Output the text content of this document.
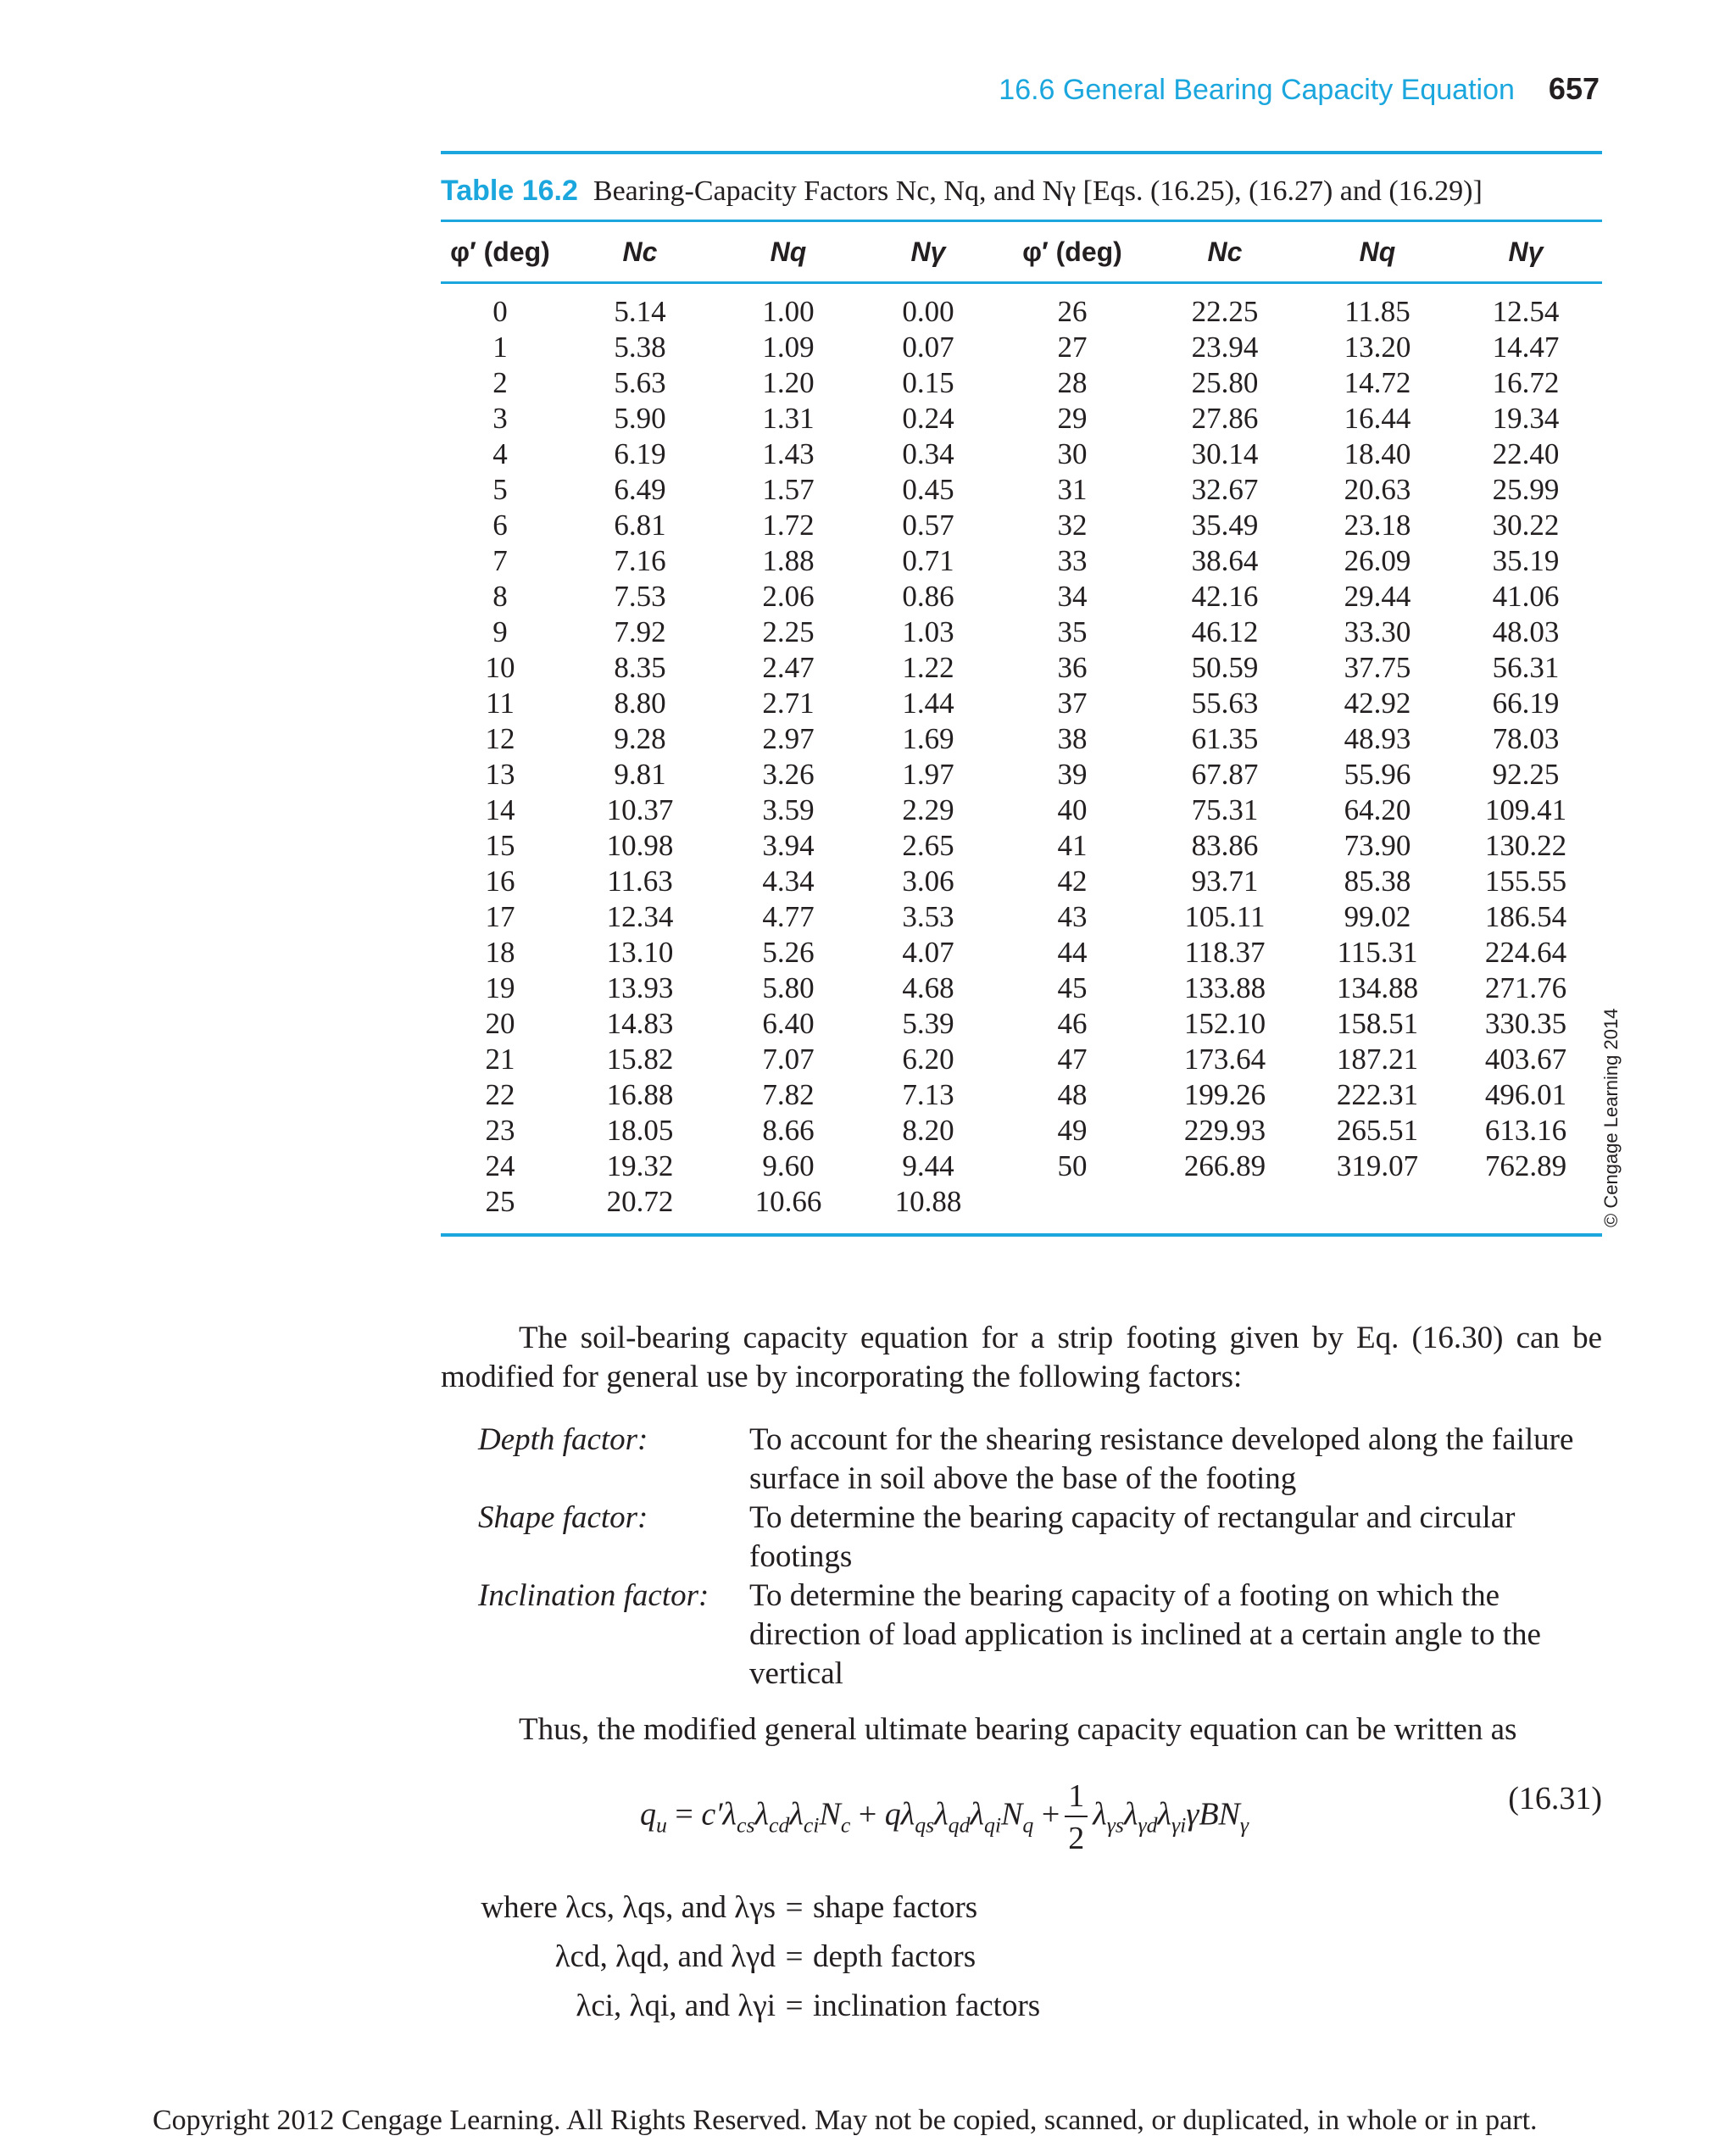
16.6 General Bearing Capacity Equation 657
Table 16.2 Bearing-Capacity Factors Nc, Nq, and Nγ [Eqs. (16.25), (16.27) and (16.29)]
φ′ (deg)	Nc	Nq	Nγ	φ′ (deg)	Nc	Nq	Nγ
0	5.14	1.00	0.00	26	22.25	11.85	12.54
1	5.38	1.09	0.07	27	23.94	13.20	14.47
2	5.63	1.20	0.15	28	25.80	14.72	16.72
3	5.90	1.31	0.24	29	27.86	16.44	19.34
4	6.19	1.43	0.34	30	30.14	18.40	22.40
5	6.49	1.57	0.45	31	32.67	20.63	25.99
6	6.81	1.72	0.57	32	35.49	23.18	30.22
7	7.16	1.88	0.71	33	38.64	26.09	35.19
8	7.53	2.06	0.86	34	42.16	29.44	41.06
9	7.92	2.25	1.03	35	46.12	33.30	48.03
10	8.35	2.47	1.22	36	50.59	37.75	56.31
11	8.80	2.71	1.44	37	55.63	42.92	66.19
12	9.28	2.97	1.69	38	61.35	48.93	78.03
13	9.81	3.26	1.97	39	67.87	55.96	92.25
14	10.37	3.59	2.29	40	75.31	64.20	109.41
15	10.98	3.94	2.65	41	83.86	73.90	130.22
16	11.63	4.34	3.06	42	93.71	85.38	155.55
17	12.34	4.77	3.53	43	105.11	99.02	186.54
18	13.10	5.26	4.07	44	118.37	115.31	224.64
19	13.93	5.80	4.68	45	133.88	134.88	271.76
20	14.83	6.40	5.39	46	152.10	158.51	330.35
21	15.82	7.07	6.20	47	173.64	187.21	403.67
22	16.88	7.82	7.13	48	199.26	222.31	496.01
23	18.05	8.66	8.20	49	229.93	265.51	613.16
24	19.32	9.60	9.44	50	266.89	319.07	762.89
25	20.72	10.66	10.88					© Cengage Learning 2014

The soil-bearing capacity equation for a strip footing given by Eq. (16.30) can be modified for general use by incorporating the following factors:

Depth factor:	To account for the shearing resistance developed along the failure surface in soil above the base of the footing
Shape factor:	To determine the bearing capacity of rectangular and circular footings
Inclination factor:	To determine the bearing capacity of a footing on which the direction of load application is inclined at a certain angle to the vertical

Thus, the modified general ultimate bearing capacity equation can be written as

$q_u = c'\lambda_{cs}\lambda_{cd}\lambda_{ci}N_c + q\lambda_{qs}\lambda_{qd}\lambda_{qi}N_q + \frac{1}{2} \lambda_{\gamma s}\lambda_{\gamma d}\lambda_{\gamma i}\gamma BN_\gamma$
(16.31)
where λcs, λqs, and λγs = shape factors
λcd, λqd, and λγd = depth factors
λci, λqi, and λγi = inclination factors
Copyright 2012 Cengage Learning. All Rights Reserved. May not be copied, scanned, or duplicated, in whole or in part.
